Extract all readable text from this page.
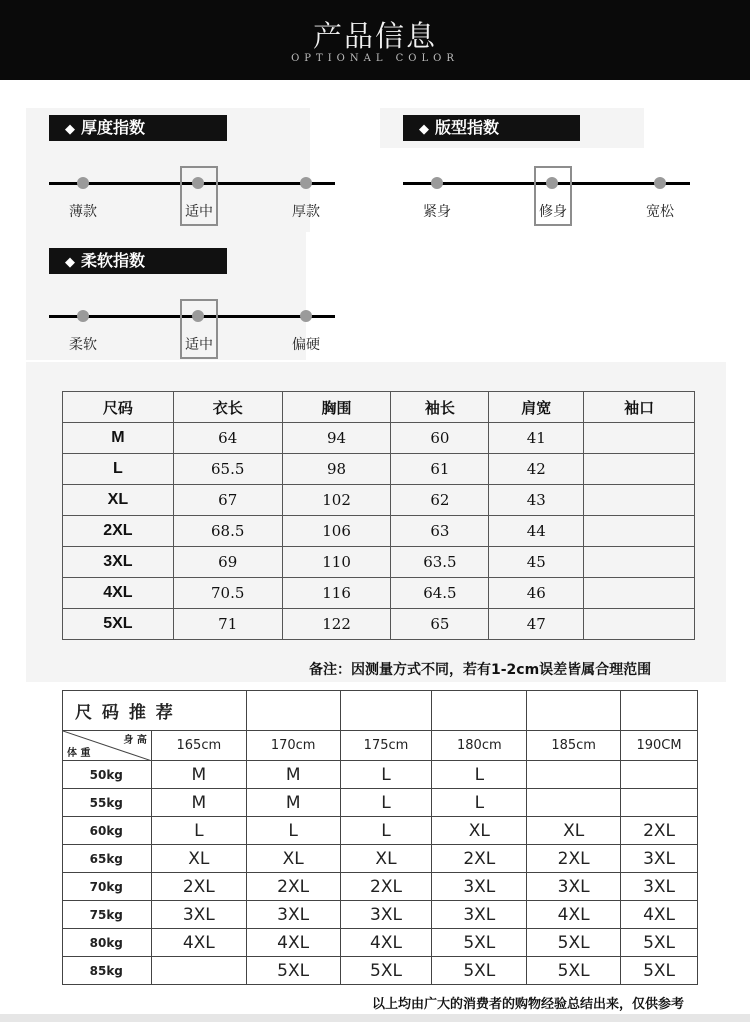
产品信息
OPTIONAL COLOR
◆ 厚度指数
薄款	适中	厚款
◆ 版型指数
紧身	修身	宽松
◆ 柔软指数
柔软	适中	偏硬
尺码	衣长	胸围	袖长	肩宽	袖口
M	64	94	60	41	
L	65.5	98	61	42	
XL	67	102	62	43	
2XL	68.5	106	63	44	
3XL	69	110	63.5	45	
4XL	70.5	116	64.5	46	
5XL	71	122	65	47	
备注：因测量方式不同，若有1-2cm误差皆属合理范围
尺 码 推 荐						

身 高
体 重	165cm	170cm	175cm	180cm	185cm	190CM
50kg	M	M	L	L		
55kg	M	M	L	L		
60kg	L	L	L	XL	XL	2XL
65kg	XL	XL	XL	2XL	2XL	3XL
70kg	2XL	2XL	2XL	3XL	3XL	3XL
75kg	3XL	3XL	3XL	3XL	4XL	4XL
80kg	4XL	4XL	4XL	5XL	5XL	5XL
85kg		5XL	5XL	5XL	5XL	5XL
以上均由广大的消费者的购物经验总结出来，仅供参考
